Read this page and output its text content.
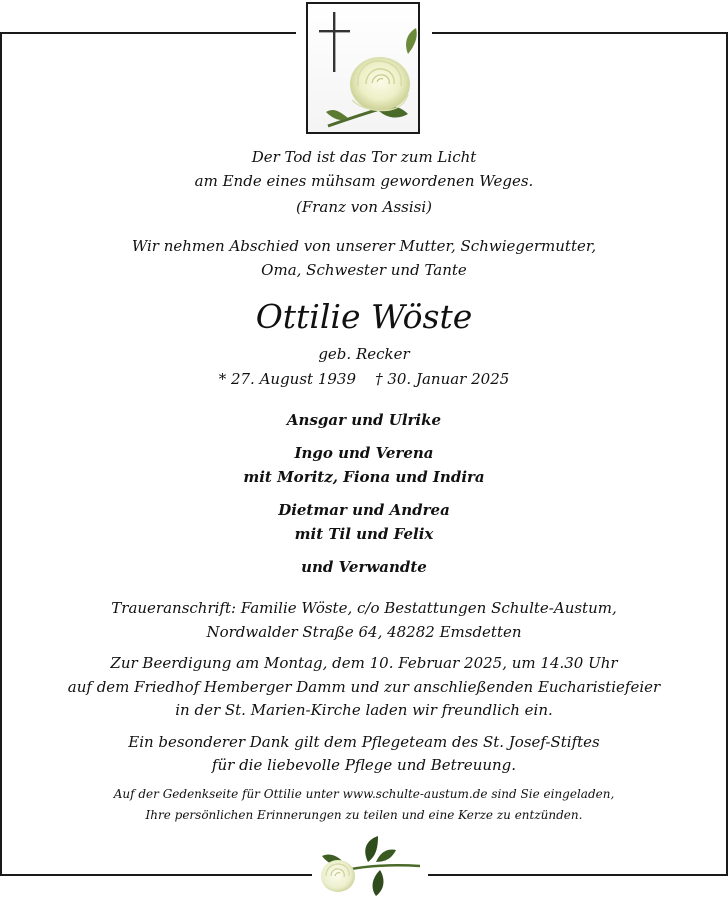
Der Tod ist das Tor zum Licht
am Ende eines mühsam gewordenen Weges.
(Franz von Assisi)
Wir nehmen Abschied von unserer Mutter, Schwiegermutter,
Oma, Schwester und Tante
Ottilie Wöste
geb. Recker
* 27. August 1939    † 30. Januar 2025
Ansgar und Ulrike
Ingo und Verena
mit Moritz, Fiona und Indira
Dietmar und Andrea
mit Til und Felix
und Verwandte
Traueranschrift: Familie Wöste, c/o Bestattungen Schulte-Austum,
Nordwalder Straße 64, 48282 Emsdetten
Zur Beerdigung am Montag, dem 10. Februar 2025, um 14.30 Uhr
auf dem Friedhof Hemberger Damm und zur anschließenden Eucharistiefeier
in der St. Marien-Kirche laden wir freundlich ein.
Ein besonderer Dank gilt dem Pflegeteam des St. Josef-Stiftes
für die liebevolle Pflege und Betreuung.
Auf der Gedenkseite für Ottilie unter www.schulte-austum.de sind Sie eingeladen,
Ihre persönlichen Erinnerungen zu teilen und eine Kerze zu entzünden.
